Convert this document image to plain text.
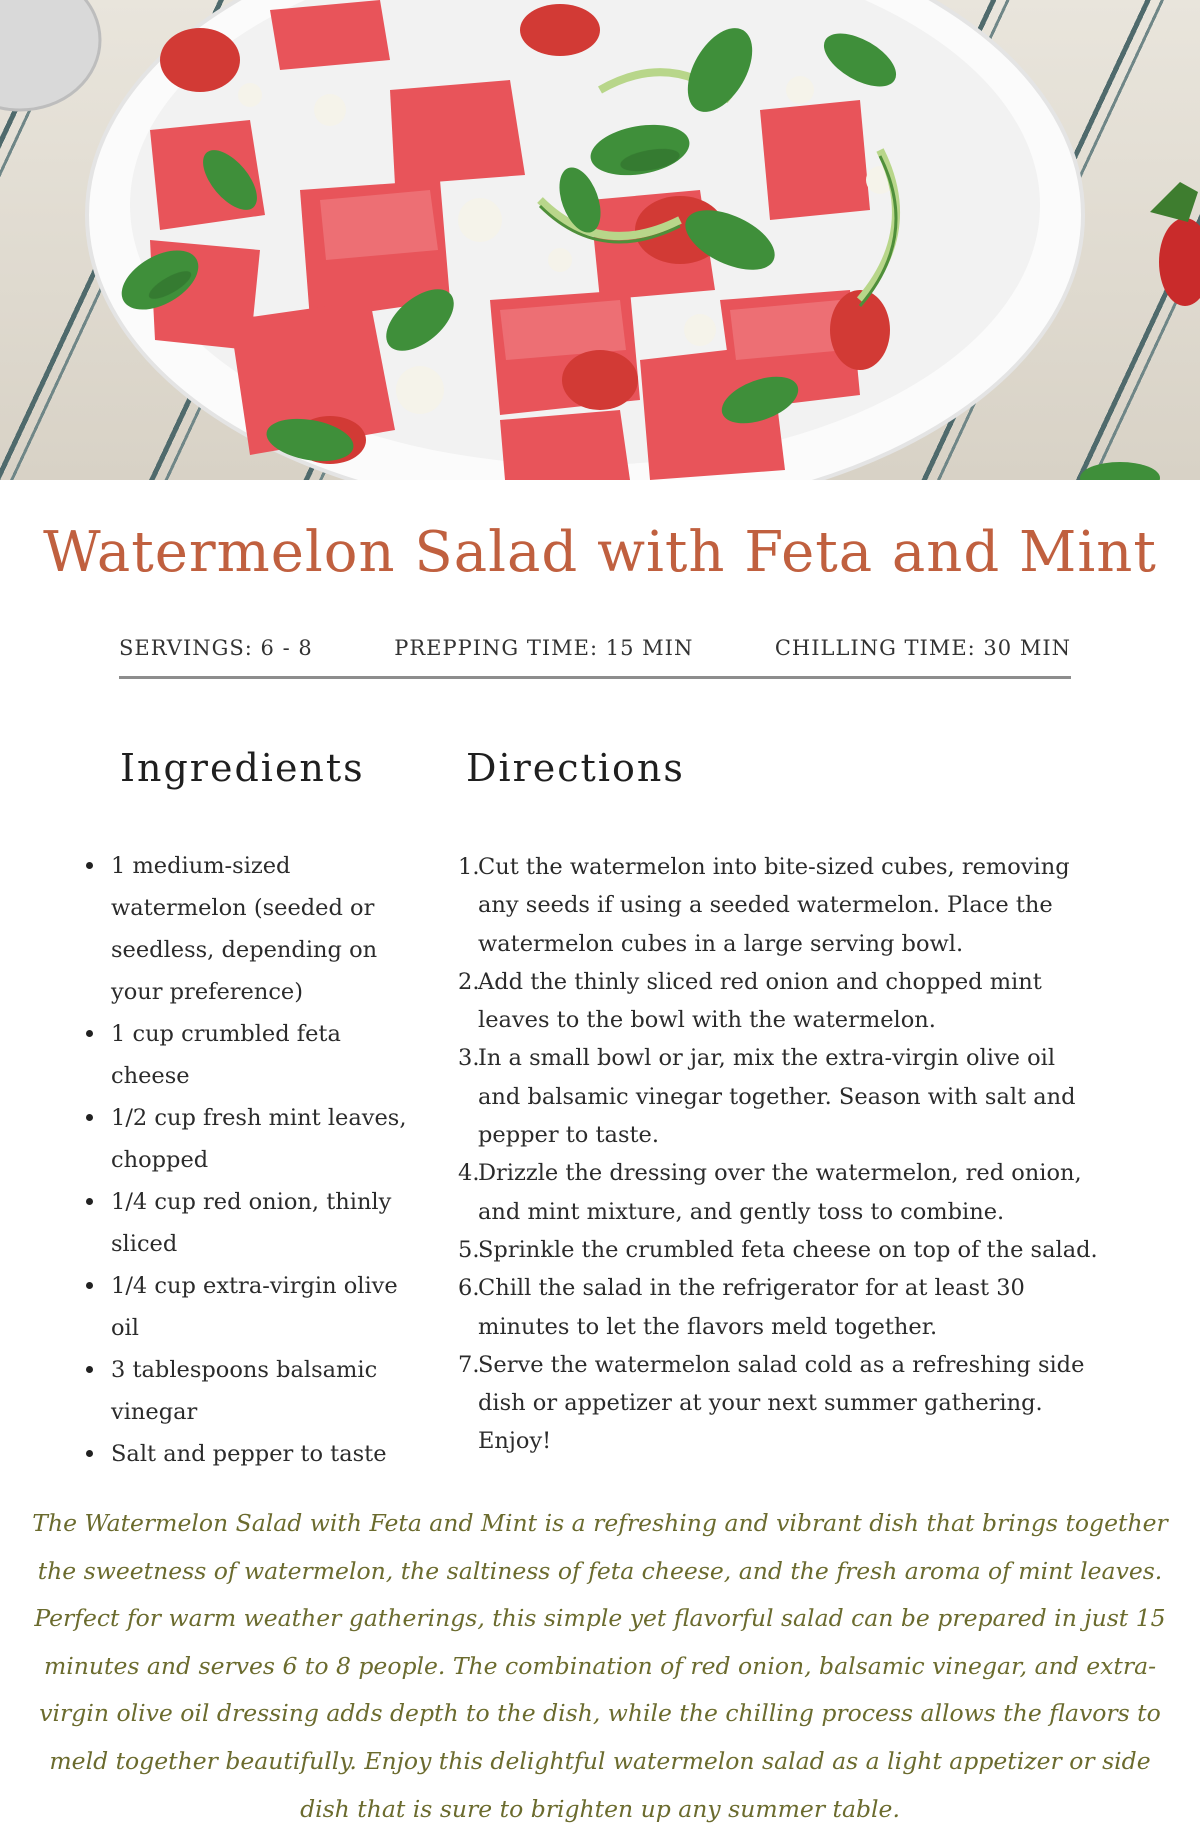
Watermelon Salad with Feta and Mint
SERVINGS: 6 - 8	PREPPING TIME: 15 MIN	CHILLING TIME: 30 MIN
Ingredients	Directions
1 medium-sized watermelon (seeded or seedless, depending on your preference)
1 cup crumbled feta cheese
1/2 cup fresh mint leaves, chopped
1/4 cup red onion, thinly sliced
1/4 cup extra-virgin olive oil
3 tablespoons balsamic vinegar
Salt and pepper to taste
1.
Cut the watermelon into bite-sized cubes, removing any seeds if using a seeded watermelon. Place the watermelon cubes in a large serving bowl.
2.
Add the thinly sliced red onion and chopped mint leaves to the bowl with the watermelon.
3.
In a small bowl or jar, mix the extra-virgin olive oil and balsamic vinegar together. Season with salt and pepper to taste.
4.
Drizzle the dressing over the watermelon, red onion, and mint mixture, and gently toss to combine.
5.
Sprinkle the crumbled feta cheese on top of the salad.
6.
Chill the salad in the refrigerator for at least 30 minutes to let the flavors meld together.
7.
Serve the watermelon salad cold as a refreshing side dish or appetizer at your next summer gathering. Enjoy!

The Watermelon Salad with Feta and Mint is a refreshing and vibrant dish that brings together the sweetness of watermelon, the saltiness of feta cheese, and the fresh aroma of mint leaves. Perfect for warm weather gatherings, this simple yet flavorful salad can be prepared in just 15 minutes and serves 6 to 8 people. The combination of red onion, balsamic vinegar, and extra-virgin olive oil dressing adds depth to the dish, while the chilling process allows the flavors to meld together beautifully. Enjoy this delightful watermelon salad as a light appetizer or side dish that is sure to brighten up any summer table.
